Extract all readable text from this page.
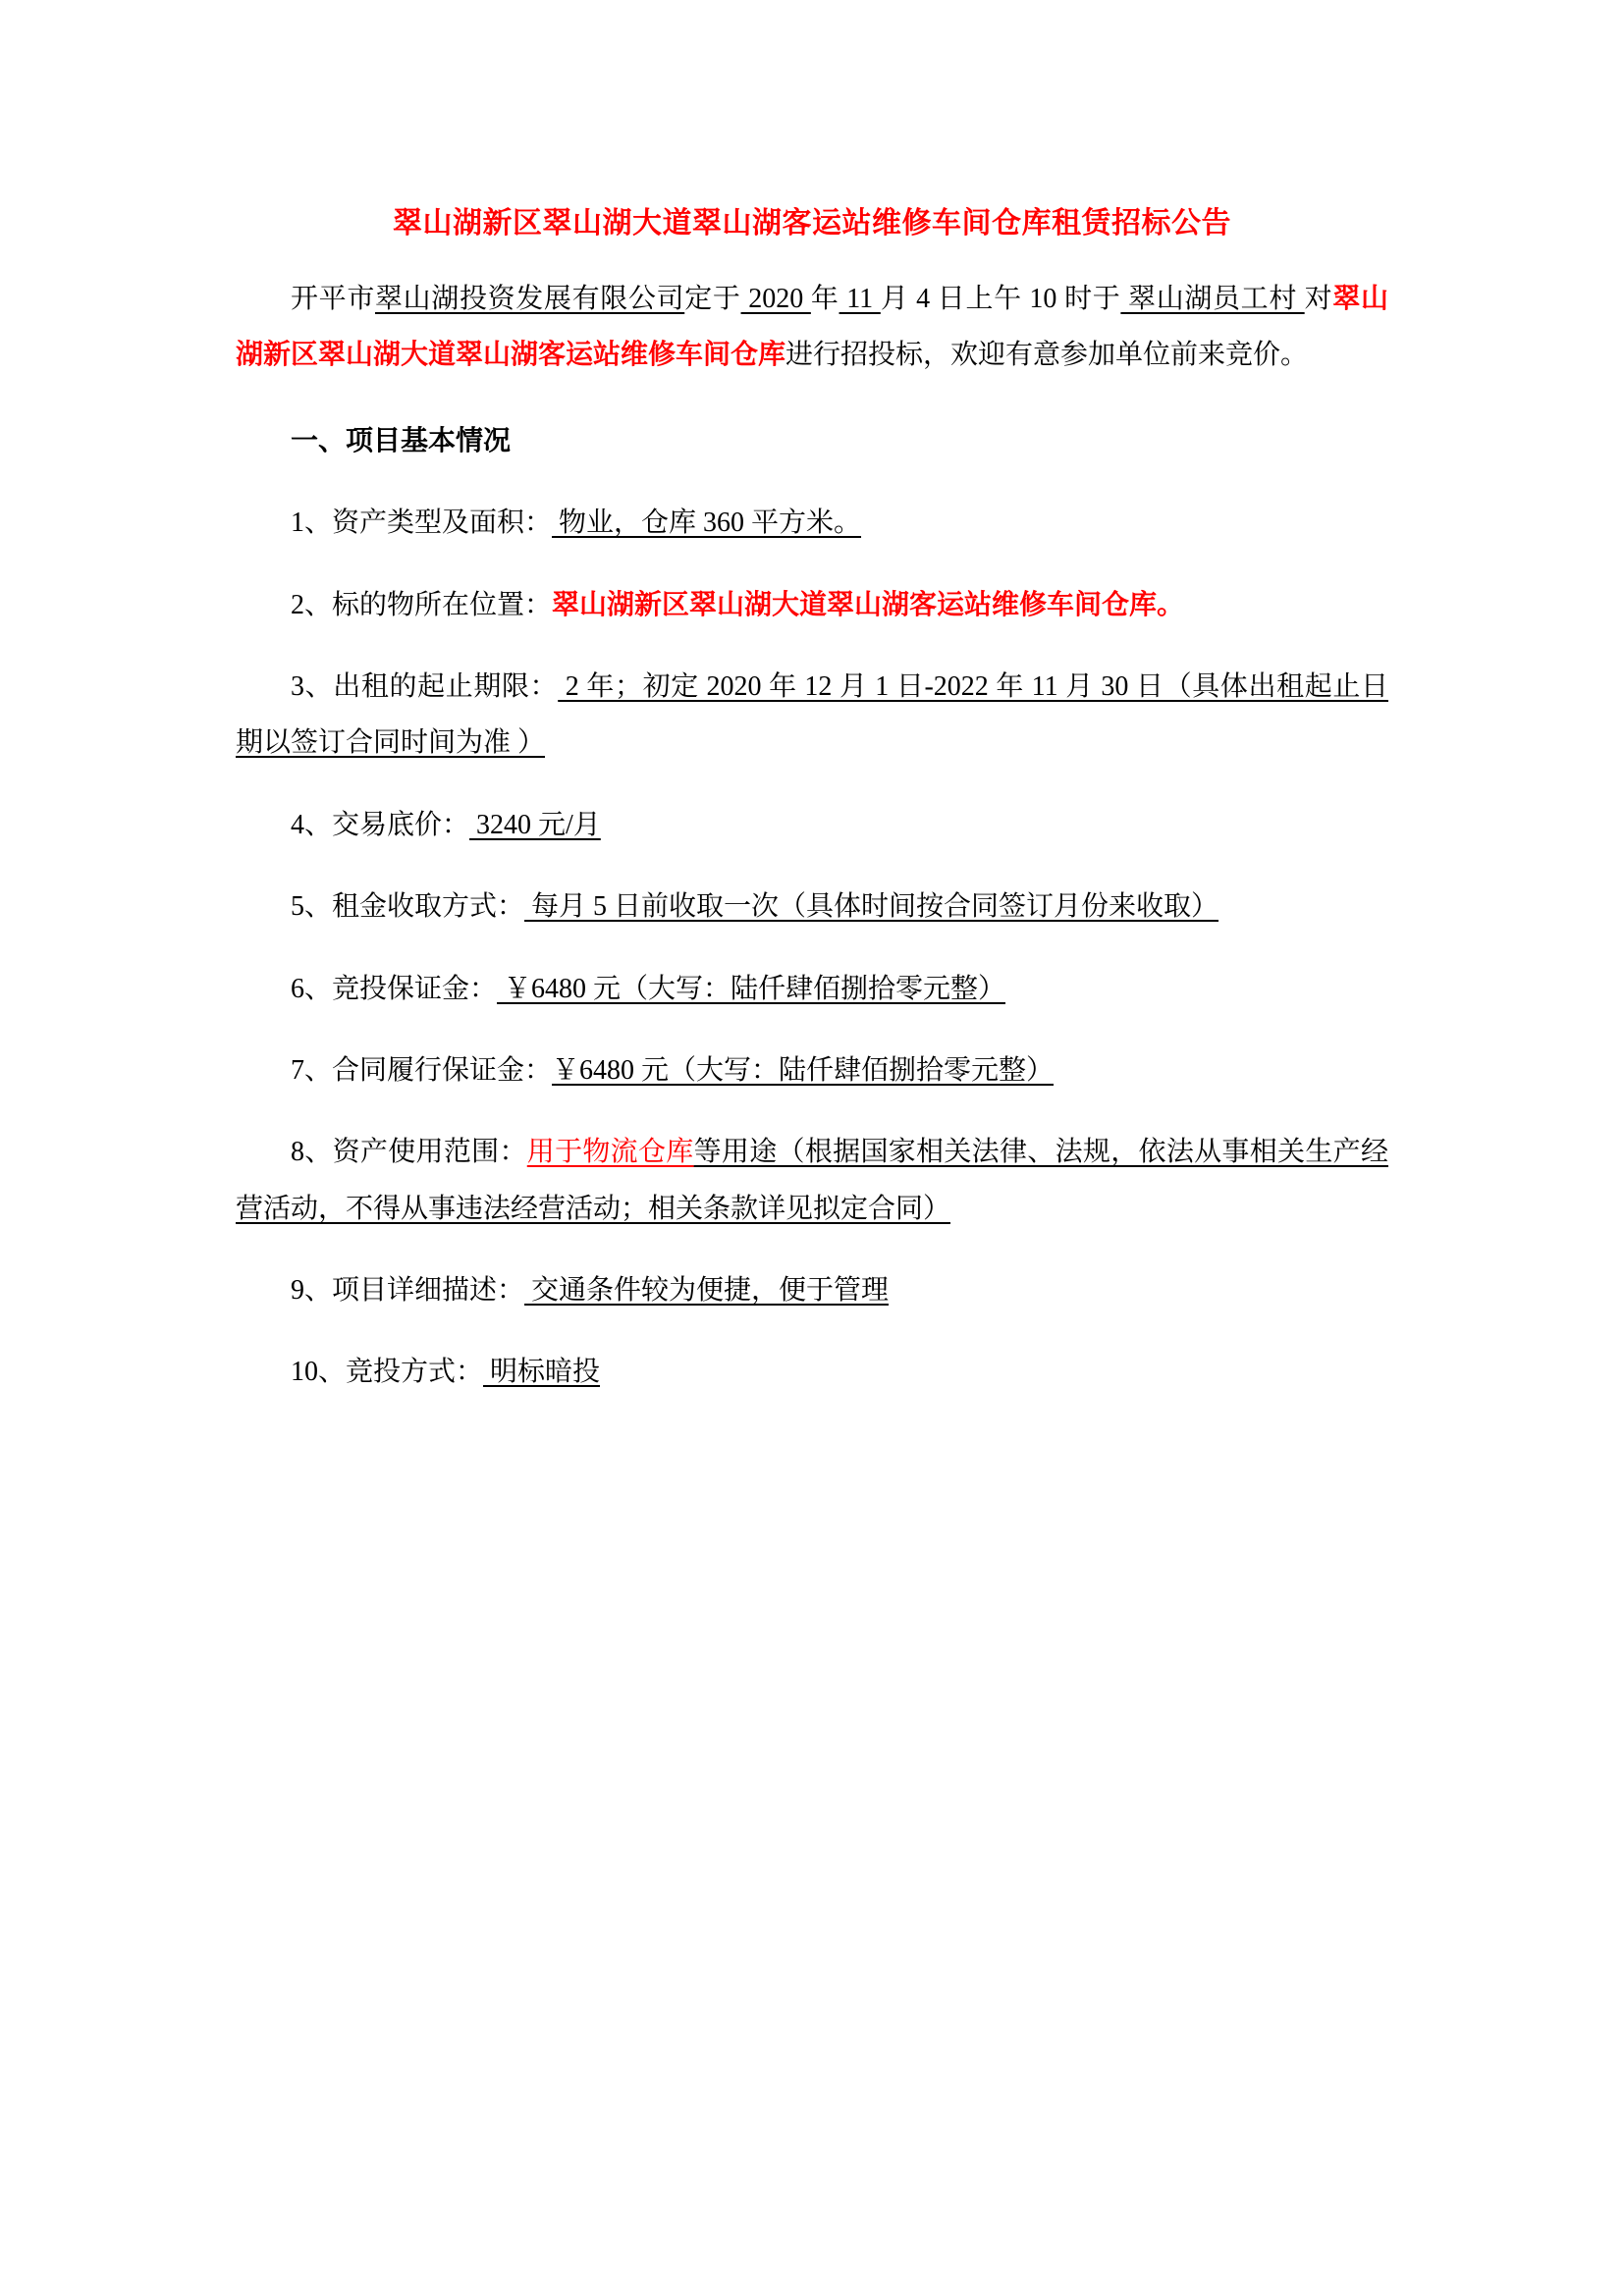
翠山湖新区翠山湖大道翠山湖客运站维修车间仓库租赁招标公告

开平市翠山湖投资发展有限公司定于 2020 年 11 月 4 日上午 10 时于 翠山湖员工村 对翠山湖新区翠山湖大道翠山湖客运站维修车间仓库进行招投标，欢迎有意参加单位前来竞价。

一、项目基本情况

1、资产类型及面积： 物业，仓库 360 平方米。

2、标的物所在位置：翠山湖新区翠山湖大道翠山湖客运站维修车间仓库。

3、出租的起止期限： 2 年；初定 2020 年 12 月 1 日-2022 年 11 月 30 日（具体出租起止日期以签订合同时间为准 ）

4、交易底价： 3240 元/月

5、租金收取方式： 每月 5 日前收取一次（具体时间按合同签订月份来收取）

6、竞投保证金： ￥6480 元（大写：陆仟肆佰捌拾零元整）

7、合同履行保证金：￥6480 元（大写：陆仟肆佰捌拾零元整）

8、资产使用范围：用于物流仓库等用途（根据国家相关法律、法规，依法从事相关生产经营活动，不得从事违法经营活动；相关条款详见拟定合同）

9、项目详细描述： 交通条件较为便捷，便于管理

10、竞投方式： 明标暗投
